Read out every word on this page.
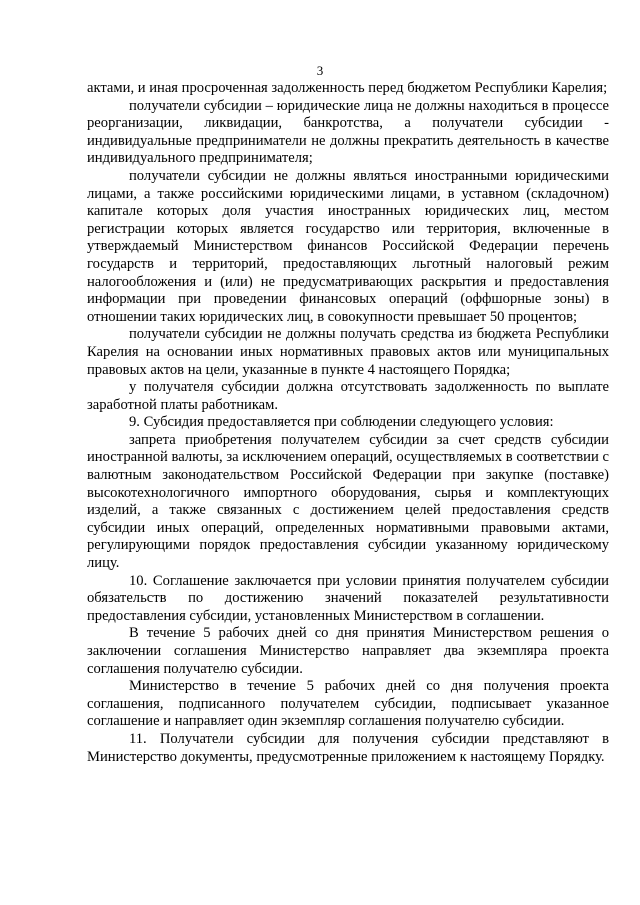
3

актами, и иная просроченная задолженность перед бюджетом Республики Карелия;

получатели субсидии – юридические лица не должны находиться в процессе реорганизации, ликвидации, банкротства, а получатели субсидии - индивидуальные предприниматели не должны прекратить деятельность в качестве индивидуального предпринимателя;

получатели субсидии не должны являться иностранными юридическими лицами, а также российскими юридическими лицами, в уставном (складочном) капитале которых доля участия иностранных юридических лиц, местом регистрации которых является государство или территория, включенные в утверждаемый Министерством финансов Российской Федерации перечень государств и территорий, предоставляющих льготный налоговый режим налогообложения и (или) не предусматривающих раскрытия и предоставления информации при проведении финансовых операций (оффшорные зоны) в отношении таких юридических лиц, в совокупности превышает 50 процентов;

получатели субсидии не должны получать средства из бюджета Республики Карелия на основании иных нормативных правовых актов или муниципальных правовых актов на цели, указанные в пункте 4 настоящего Порядка;

у получателя субсидии должна отсутствовать задолженность по выплате заработной платы работникам.

9. Субсидия предоставляется при соблюдении следующего условия:

запрета приобретения получателем субсидии за счет средств субсидии иностранной валюты, за исключением операций, осуществляемых в соответствии с валютным законодательством Российской Федерации при закупке (поставке) высокотехнологичного импортного оборудования, сырья и комплектующих изделий, а также связанных с достижением целей предоставления средств субсидии иных операций, определенных нормативными правовыми актами, регулирующими порядок предоставления субсидии указанному юридическому лицу.

10. Соглашение заключается при условии принятия получателем субсидии обязательств по достижению значений показателей результативности предоставления субсидии, установленных Министерством в соглашении.

В течение 5 рабочих дней со дня принятия Министерством решения о заключении соглашения Министерство направляет два экземпляра проекта соглашения получателю субсидии.

Министерство в течение 5 рабочих дней со дня получения проекта соглашения, подписанного получателем субсидии, подписывает указанное соглашение и направляет один экземпляр соглашения получателю субсидии.

11. Получатели субсидии для получения субсидии представляют в Министерство документы, предусмотренные приложением к настоящему Порядку.
